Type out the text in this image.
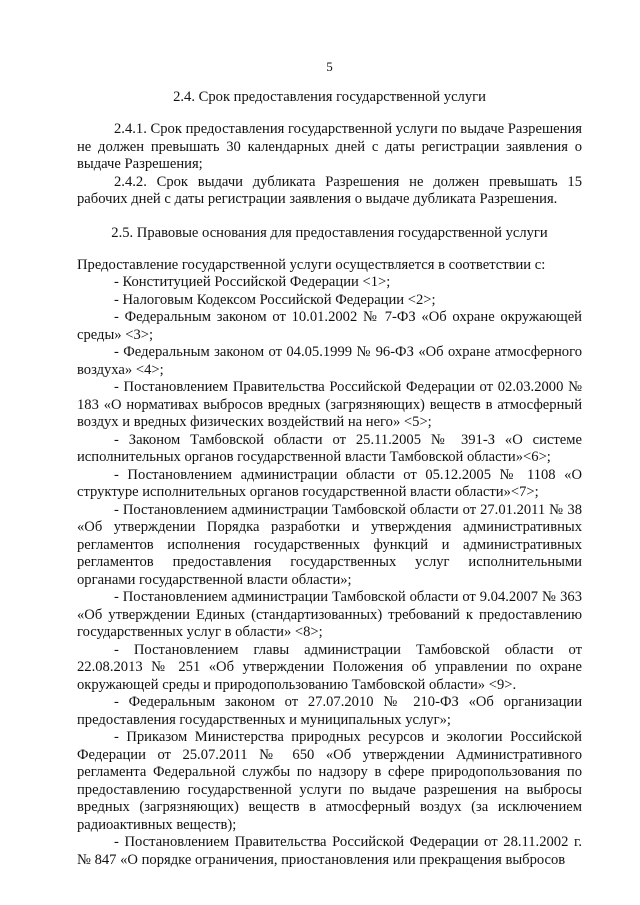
5
2.4. Срок предоставления государственной услуги

2.4.1. Срок предоставления государственной услуги по выдаче Разрешения не должен превышать 30 календарных дней с даты регистрации заявления о выдаче Разрешения;

2.4.2. Срок выдачи дубликата Разрешения не должен превышать 15 рабочих дней с даты регистрации заявления о выдаче дубликата Разрешения.

2.5. Правовые основания для предоставления государственной услуги

Предоставление государственной услуги осуществляется в соответствии с:

- Конституцией Российской Федерации <1>;

- Налоговым Кодексом Российской Федерации <2>;

- Федеральным законом от 10.01.2002 № 7-ФЗ «Об охране окружающей среды» <3>;

- Федеральным законом от 04.05.1999 № 96-ФЗ «Об охране атмосферного воздуха» <4>;

- Постановлением Правительства Российской Федерации от 02.03.2000 № 183 «О нормативах выбросов вредных (загрязняющих) веществ в атмосферный воздух и вредных физических воздействий на него» <5>;

- Законом Тамбовской области от 25.11.2005 № 391-З «О системе исполнительных органов государственной власти Тамбовской области»<6>;

- Постановлением администрации области от 05.12.2005 № 1108 «О структуре исполнительных органов государственной власти области»<7>;

- Постановлением администрации Тамбовской области от 27.01.2011 № 38 «Об утверждении Порядка разработки и утверждения административных регламентов исполнения государственных функций и административных регламентов предоставления государственных услуг исполнительными органами государственной власти области»;

- Постановлением администрации Тамбовской области от 9.04.2007 № 363 «Об утверждении Единых (стандартизованных) требований к предоставлению государственных услуг в области» <8>;

- Постановлением главы администрации Тамбовской области от 22.08.2013 № 251 «Об утверждении Положения об управлении по охране окружающей среды и природопользованию Тамбовской области» <9>.

- Федеральным законом от 27.07.2010 № 210-ФЗ «Об организации предоставления государственных и муниципальных услуг»;

- Приказом Министерства природных ресурсов и экологии Российской Федерации от 25.07.2011 № 650 «Об утверждении Административного регламента Федеральной службы по надзору в сфере природопользования по предоставлению государственной услуги по выдаче разрешения на выбросы вредных (загрязняющих) веществ в атмосферный воздух (за исключением радиоактивных веществ);

- Постановлением Правительства Российской Федерации от 28.11.2002 г. № 847 «О порядке ограничения, приостановления или прекращения выбросов
